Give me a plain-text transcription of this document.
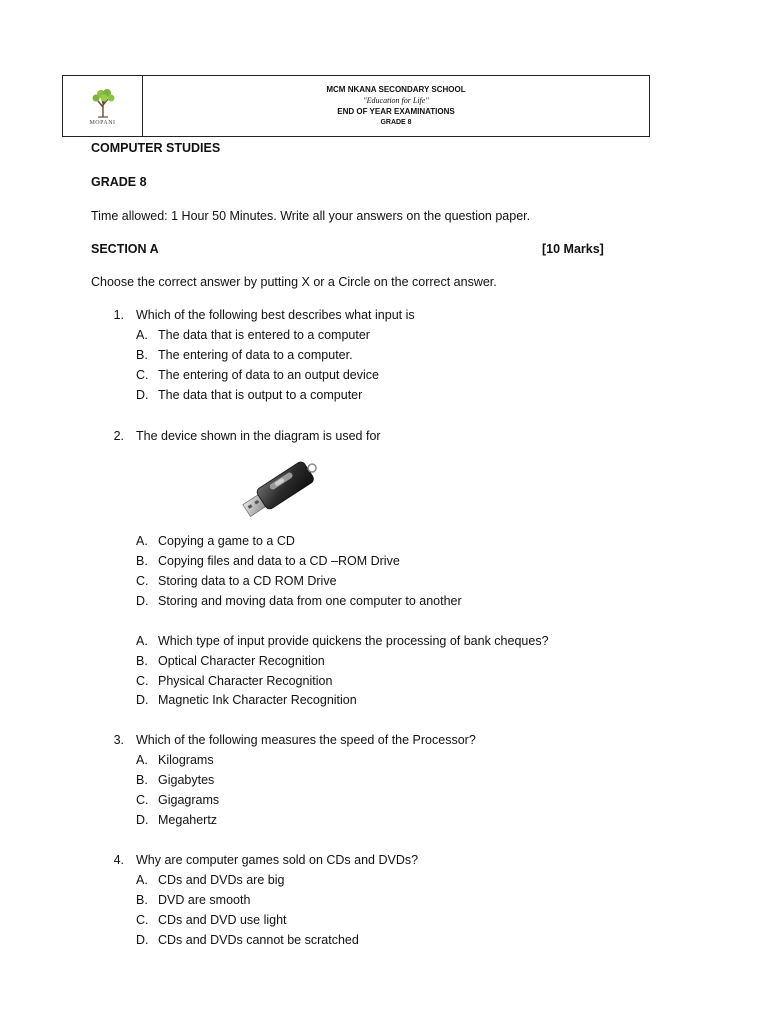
MOPANI
MCM NKANA SECONDARY SCHOOL
"Education for Life"
END OF YEAR EXAMINATIONS
GRADE 8
COMPUTER STUDIES
GRADE 8
Time allowed: 1 Hour 50 Minutes. Write all your answers on the question paper.
SECTION A	[10 Marks]
Choose the correct answer by putting X or a Circle on the correct answer.
1. Which of the following best describes what input is
A. The data that is entered to a computer
B. The entering of data to a computer.
C. The entering of data to an output device
D. The data that is output to a computer
2. The device shown in the diagram is used for
A. Copying a game to a CD
B. Copying files and data to a CD –ROM Drive
C. Storing data to a CD ROM Drive
D. Storing and moving data from one computer to another
A. Which type of input provide quickens the processing of bank cheques?
B. Optical Character Recognition
C. Physical Character Recognition
D. Magnetic Ink Character Recognition
3. Which of the following measures the speed of the Processor?
A. Kilograms
B. Gigabytes
C. Gigagrams
D. Megahertz
4. Why are computer games sold on CDs and DVDs?
A. CDs and DVDs are big
B. DVD are smooth
C. CDs and DVD use light
D. CDs and DVDs cannot be scratched
